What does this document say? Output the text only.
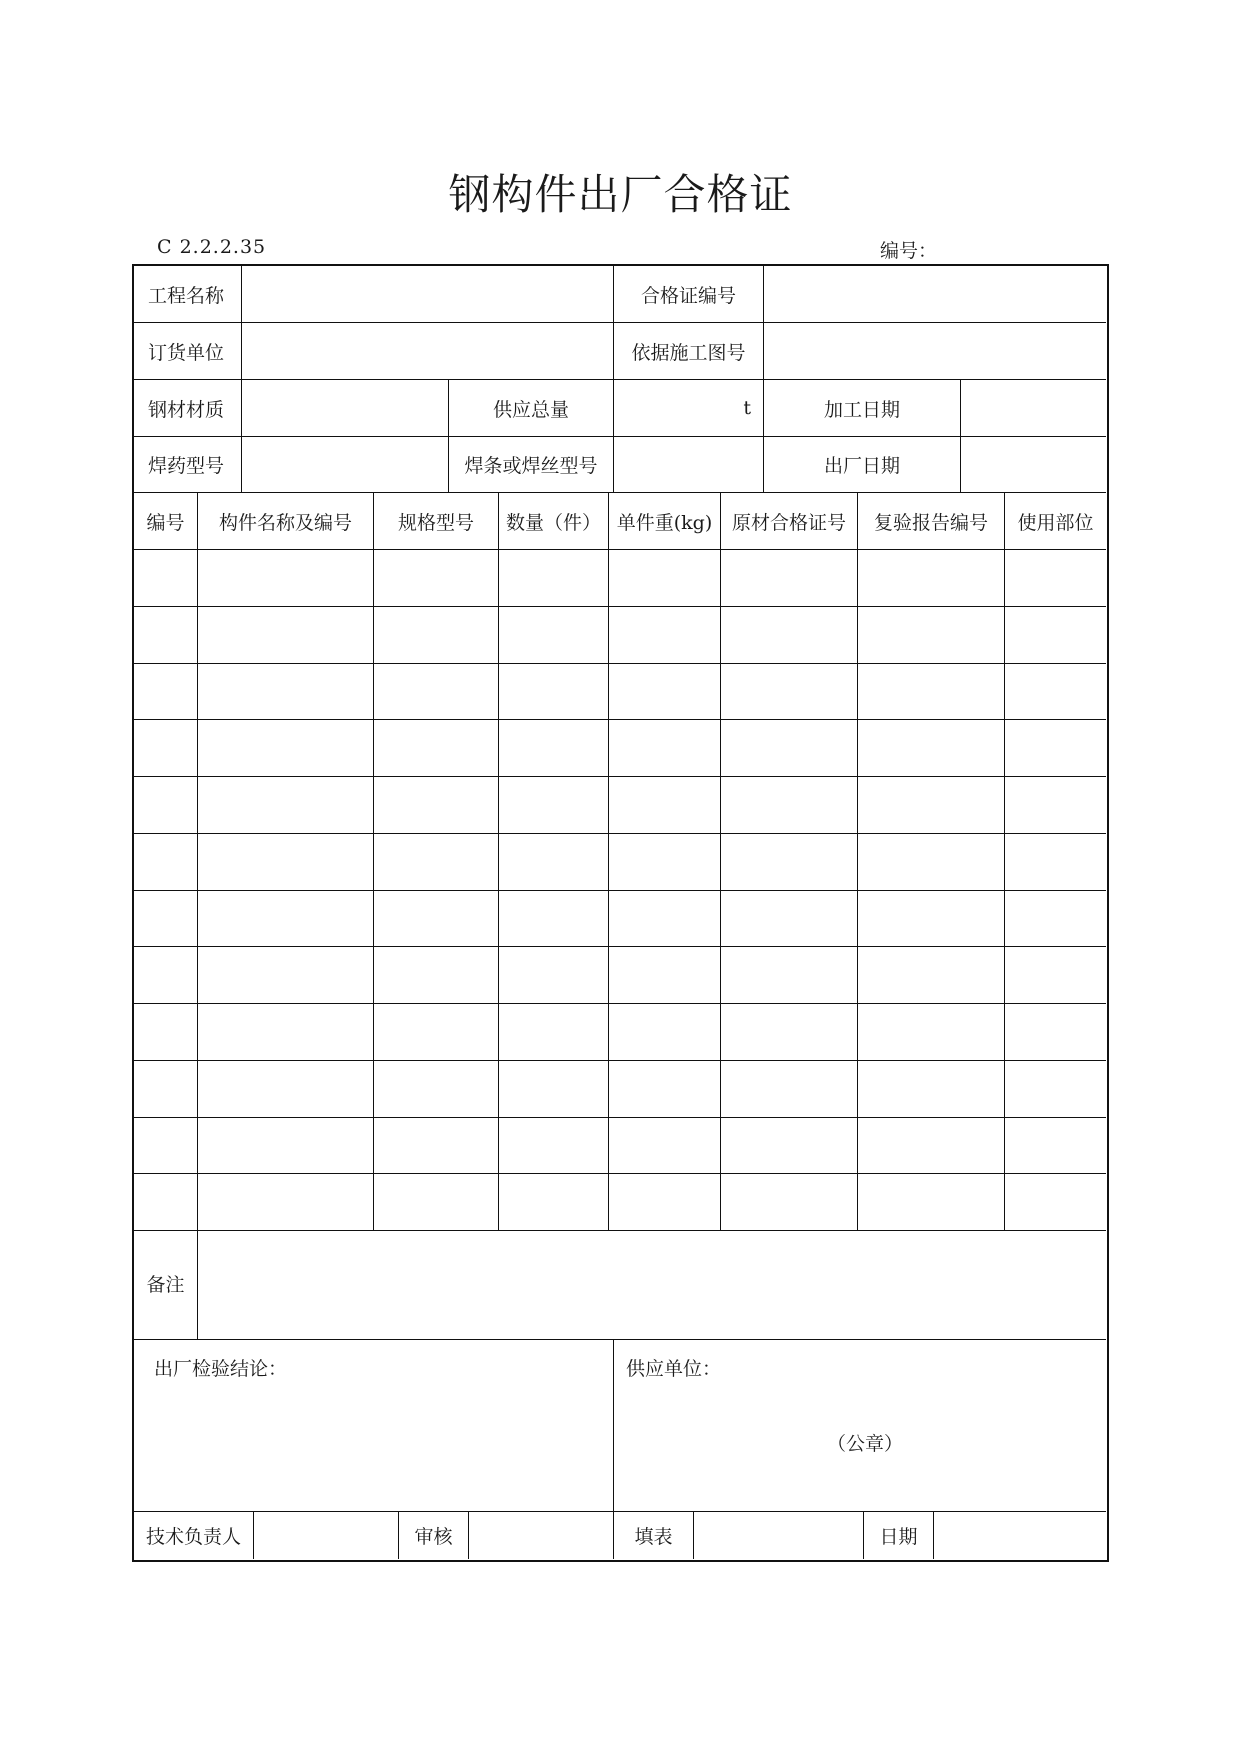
钢构件出厂合格证
C 2.2.2.35	编号：
工程名称	合格证编号
订货单位	依据施工图号
钢材材质	供应总量	t	加工日期
焊药型号	焊条或焊丝型号	出厂日期
编号	构件名称及编号	规格型号	数量（件） 单件重(kg)	原材合格证号	复验报告编号	使用部位
备注
出厂检验结论：	供应单位：
（公章）
技术负责人	审核	填表	日期
